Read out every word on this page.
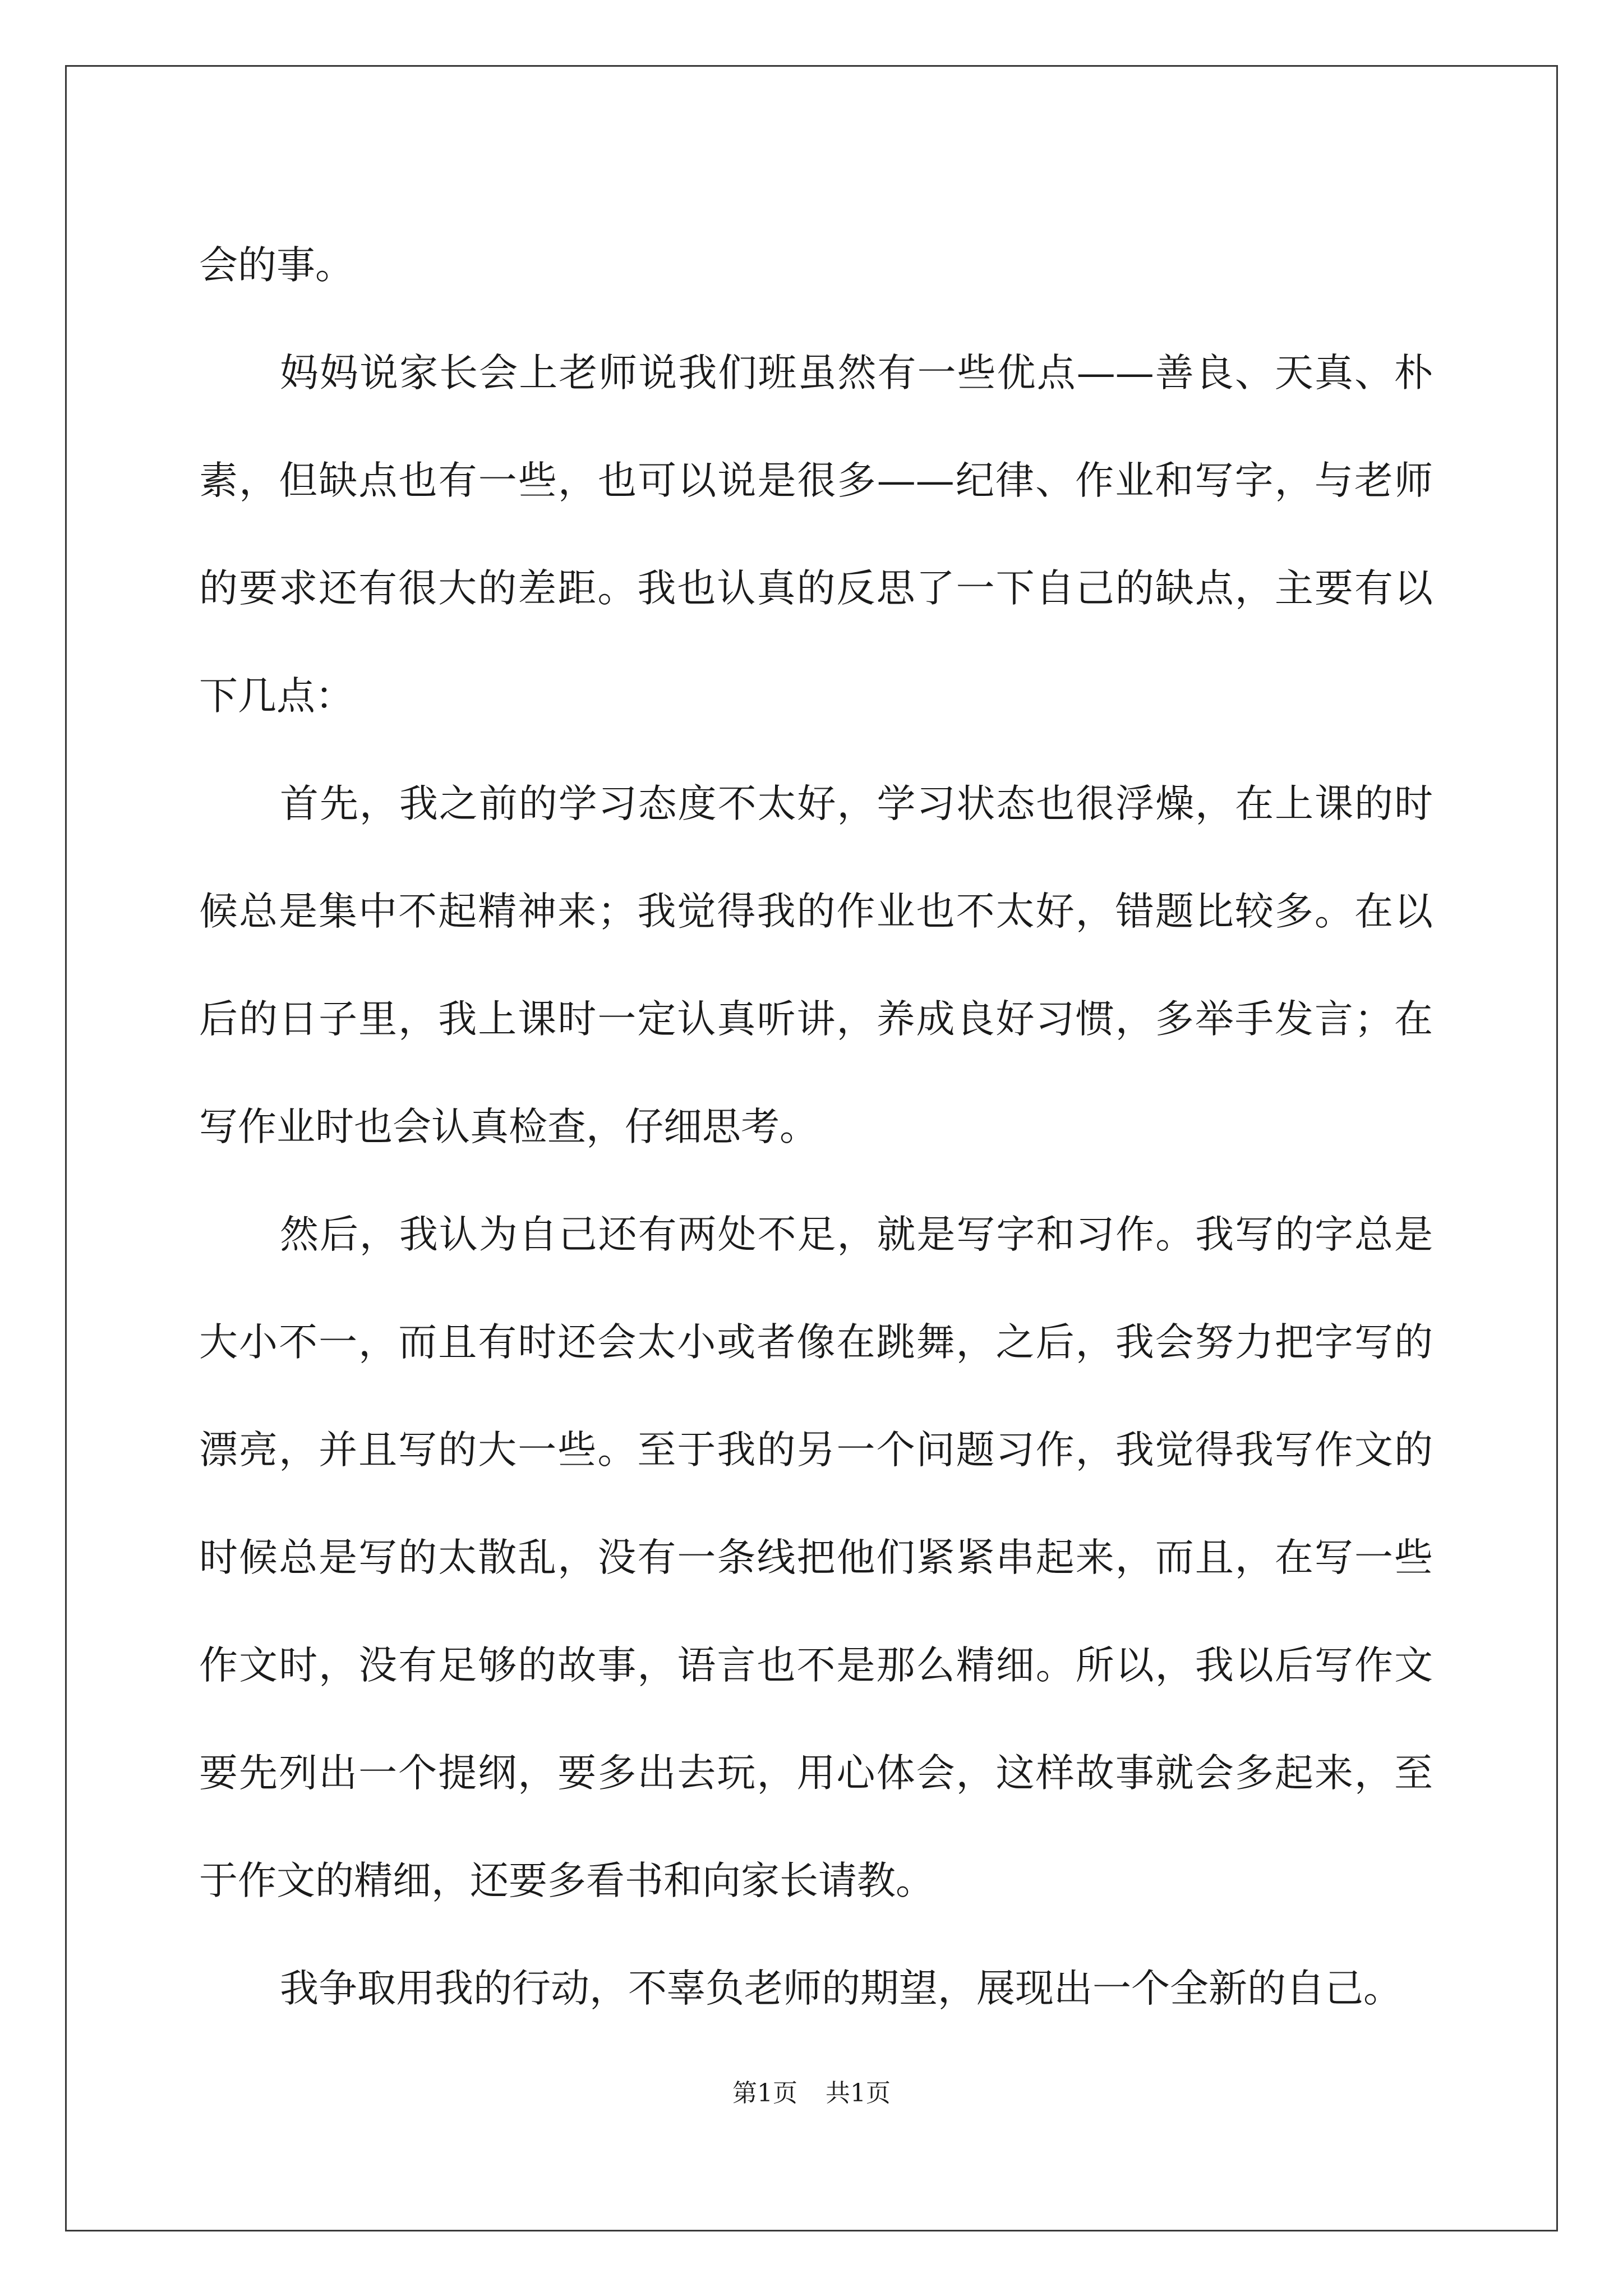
会的事。

妈妈说家长会上老师说我们班虽然有一些优点——善良、天真、朴素，但缺点也有一些，也可以说是很多——纪律、作业和写字，与老师的要求还有很大的差距。我也认真的反思了一下自己的缺点，主要有以下几点：

首先，我之前的学习态度不太好，学习状态也很浮燥，在上课的时候总是集中不起精神来；我觉得我的作业也不太好，错题比较多。在以后的日子里，我上课时一定认真听讲，养成良好习惯，多举手发言；在写作业时也会认真检查，仔细思考。

然后，我认为自己还有两处不足，就是写字和习作。我写的字总是大小不一，而且有时还会太小或者像在跳舞，之后，我会努力把字写的漂亮，并且写的大一些。至于我的另一个问题习作，我觉得我写作文的时候总是写的太散乱，没有一条线把他们紧紧串起来，而且，在写一些作文时，没有足够的故事，语言也不是那么精细。所以，我以后写作文要先列出一个提纲，要多出去玩，用心体会，这样故事就会多起来，至于作文的精细，还要多看书和向家长请教。

我争取用我的行动，不辜负老师的期望，展现出一个全新的自己。

第1页 共1页
